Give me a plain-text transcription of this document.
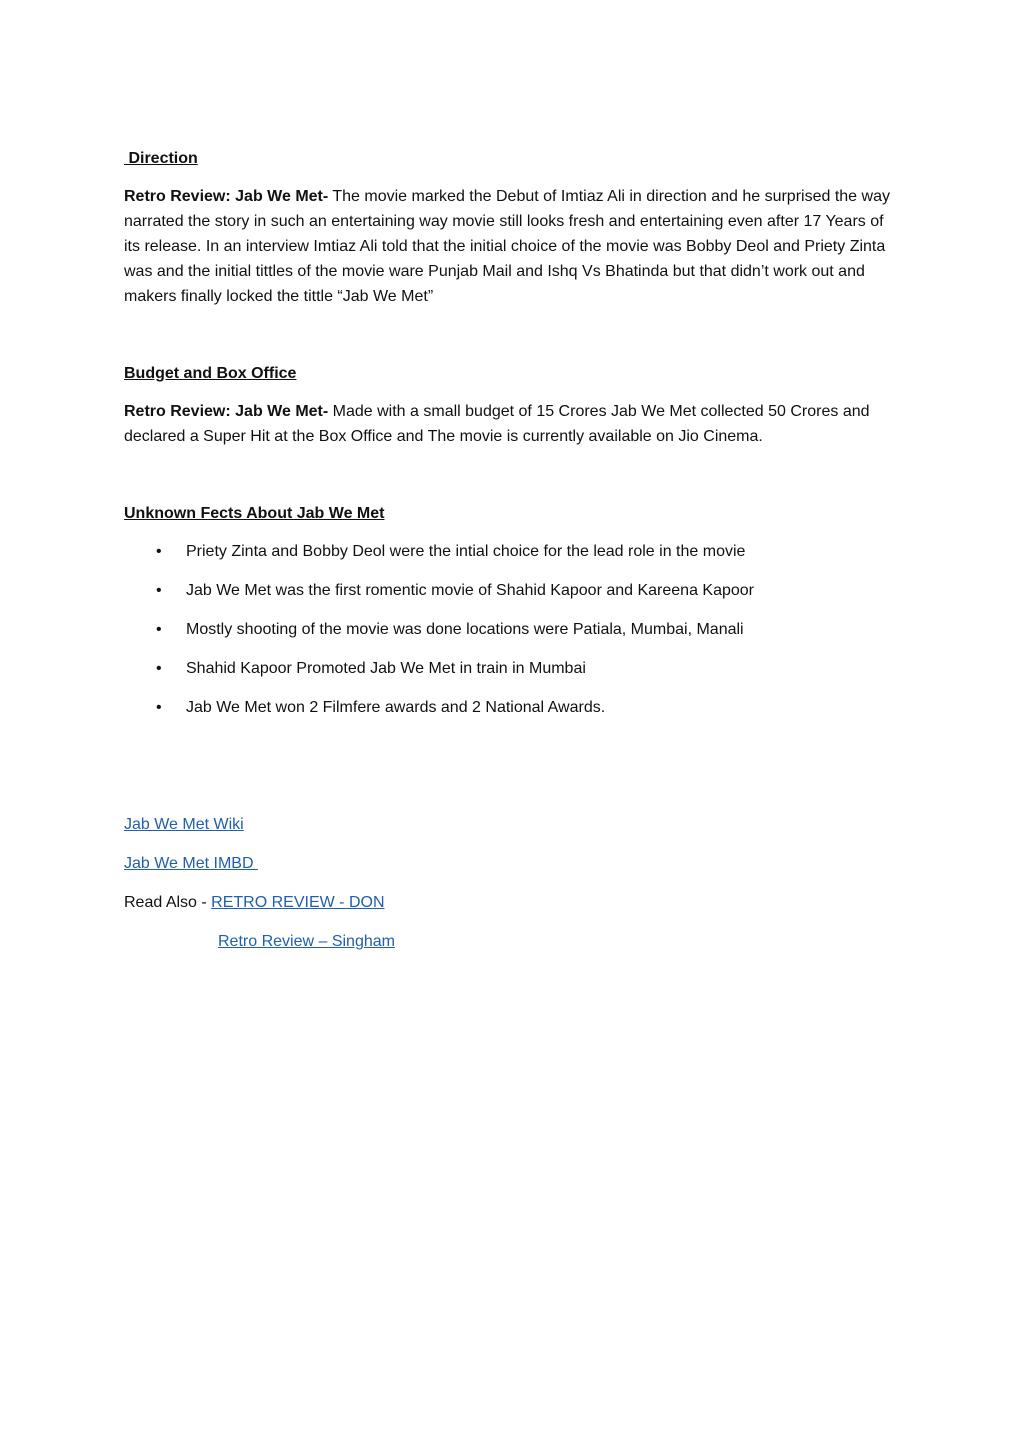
Direction

Retro Review: Jab We Met- The movie marked the Debut of Imtiaz Ali in direction and he surprised the way narrated the story in such an entertaining way movie still looks fresh and entertaining even after 17 Years of its release. In an interview Imtiaz Ali told that the initial choice of the movie was Bobby Deol and Priety Zinta was and the initial tittles of the movie ware Punjab Mail and Ishq Vs Bhatinda but that didn’t work out and makers finally locked the tittle “Jab We Met”

Budget and Box Office

Retro Review: Jab We Met- Made with a small budget of 15 Crores Jab We Met collected 50 Crores and declared a Super Hit at the Box Office and The movie is currently available on Jio Cinema.

Unknown Fects About Jab We Met

• Priety Zinta and Bobby Deol were the intial choice for the lead role in the movie
• Jab We Met was the first romentic movie of Shahid Kapoor and Kareena Kapoor
• Mostly shooting of the movie was done locations were Patiala, Mumbai, Manali
• Shahid Kapoor Promoted Jab We Met in train in Mumbai
• Jab We Met won 2 Filmfere awards and 2 National Awards.
Jab We Met Wiki
Jab We Met IMBD
Read Also - RETRO REVIEW - DON
Retro Review – Singham
